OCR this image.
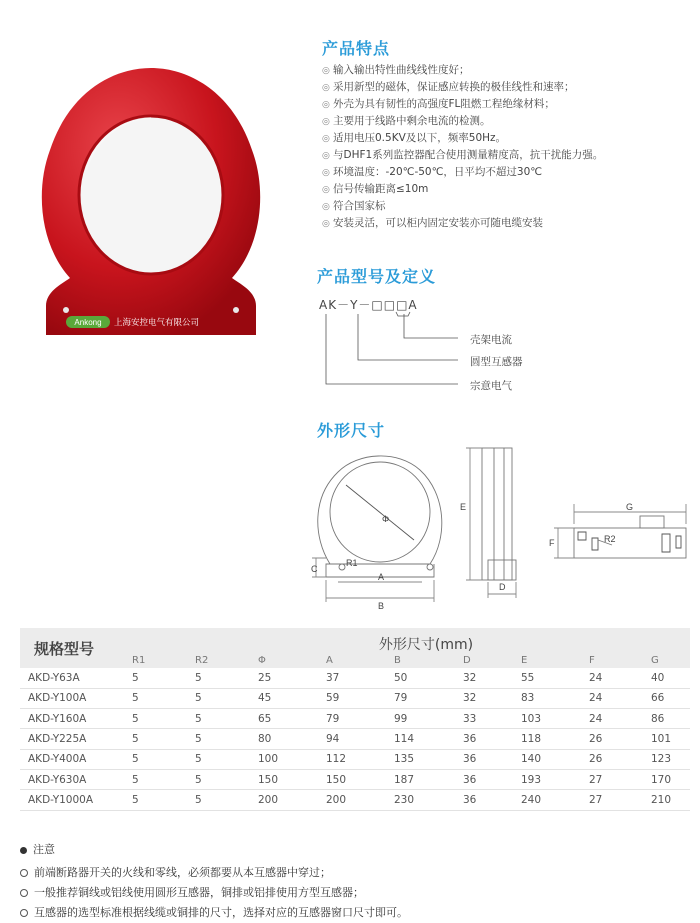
Ankong 上海安控电气有限公司
产品特点
◎ 输入输出特性曲线线性度好；
◎ 采用新型的磁体，保证感应转换的极佳线性和速率；
◎ 外壳为具有韧性的高强度FL阻燃工程绝缘材料；
◎ 主要用于线路中剩余电流的检测。
◎ 适用电压0.5KV及以下，频率50Hz。
◎ 与DHF1系列监控器配合使用测量精度高，抗干扰能力强。
◎ 环境温度：-20℃-50℃，日平均不超过30℃
◎ 信号传输距离≤10m
◎ 符合国家标
◎ 安装灵活，可以柜内固定安装亦可随电缆安装
产品型号及定义
AK－Y－□□□A
壳架电流
圆型互感器
宗意电气
外形尺寸
Φ
R1
C
A
B
E
D
G
F	R2
规格型号	外形尺寸(mm)									
	R1	R2	Φ	A	B	D	E	F	G	
AKD-Y63A	5	5	25	37	50	32	55	24	40	
AKD-Y100A	5	5	45	59	79	32	83	24	66	
AKD-Y160A	5	5	65	79	99	33	103	24	86	
AKD-Y225A	5	5	80	94	114	36	118	26	101	
AKD-Y400A	5	5	100	112	135	36	140	26	123	
AKD-Y630A	5	5	150	150	187	36	193	27	170	
AKD-Y1000A	5	5	200	200	230	36	240	27	210	
注意
前端断路器开关的火线和零线，必须都要从本互感器中穿过；
一般推荐铜线或铝线使用圆形互感器，铜排或铝排使用方型互感器；
互感器的选型标准根据线缆或铜排的尺寸，选择对应的互感器窗口尺寸即可。
